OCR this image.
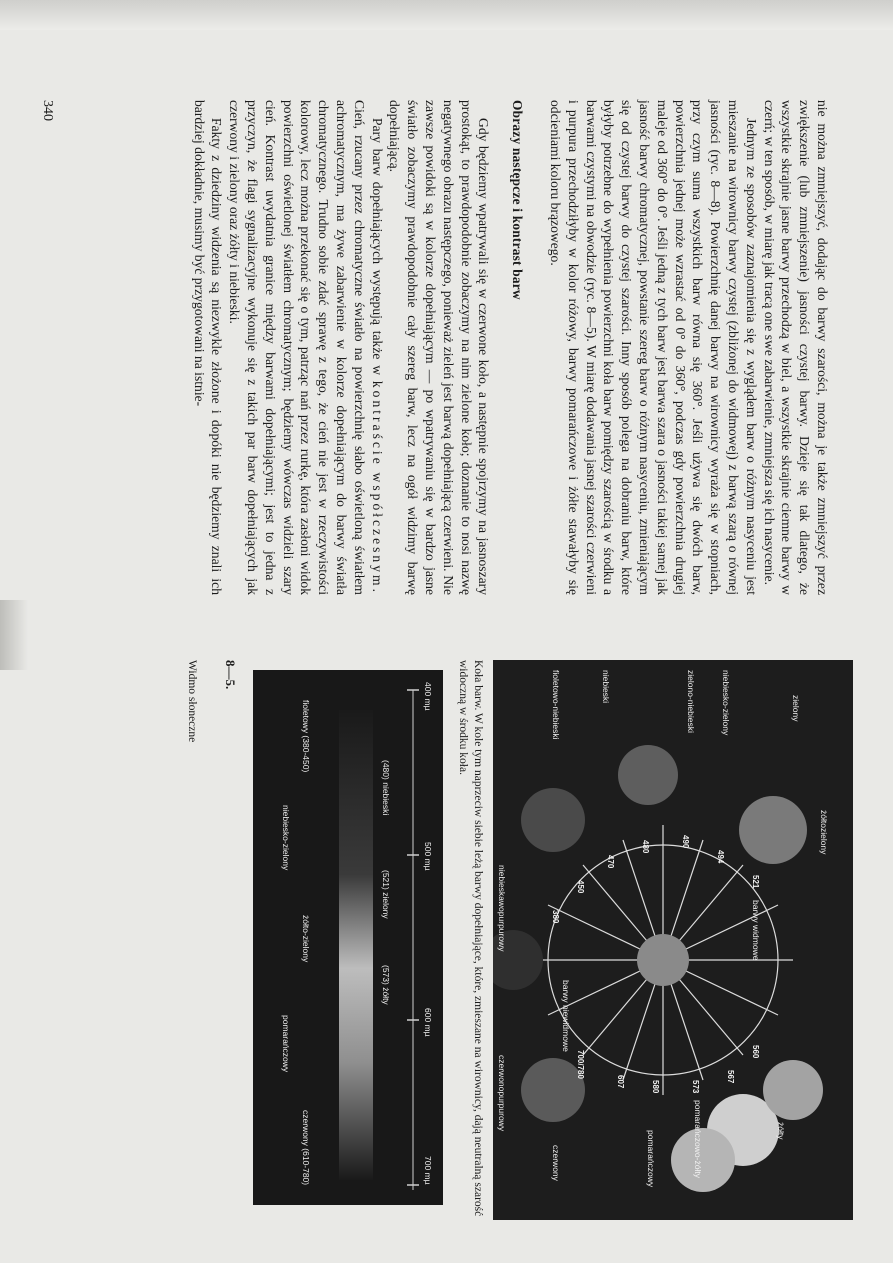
nie można zmniejszyć, dodając do barwy szarości, można je także zmniejszyć przez zwiększenie (lub zmniejszenie) jasności czystej barwy. Dzieje się tak dlatego, że wszystkie skrajnie jasne barwy przechodzą w biel, a wszystkie skrajnie ciemne barwy w czerń; w ten sposób, w miarę jak tracą one swe zabarwienie, zmniejsza się ich nasycenie.

Jednym ze sposobów zaznajomienia się z wyglądem barw o różnym nasyceniu jest mieszanie na wirownicy barwy czystej (zbliżonej do widmowej) z barwą szarą o równej jasności (ryc. 8—8). Powierzchnię danej barwy na wirownicy wyraża się w stopniach, przy czym suma wszystkich barw równa się 360°. Jeśli używa się dwóch barw, powierzchnia jednej może wzrastać od 0° do 360°, podczas gdy powierzchnia drugiej maleje od 360° do 0°. Jeśli jedną z tych barw jest barwa szara o jasności takiej samej jak jasność barwy chromatycznej, powstanie szereg barw o różnym nasyceniu, zmieniającym się od czystej barwy do czystej szarości. Inny sposób polega na dobraniu barw, które byłyby potrzebne do wypełnienia powierzchni koła barw pomiędzy szarością w środku a barwami czystymi na obwodzie (ryc. 8—5). W miarę dodawania jasnej szarości czerwieni i purpura przechodziłyby w kolor różowy, barwy pomarańczowe i żółte stawałyby się odcieniami koloru brązowego.

Obrazy następcze i kontrast barw

Gdy będziemy wpatrywali się w czerwone koło, a następnie spojrzymy na jasnoszary prostokąt, to prawdopodobnie zobaczymy na nim zielone koło; doznanie to nosi nazwę negatywnego obrazu następczego, ponieważ zieleń jest barwą dopełniającą czerwieni. Nie zawsze powidoki są w kolorze dopełniającym — po wpatrywaniu się w bardzo jasne światło zobaczymy prawdopodobnie cały szereg barw, lecz na ogół widzimy barwę dopełniającą.

Pary barw dopełniających występują także w kontraście współczesnym. Cień, rzucany przez chromatyczne światło na powierzchnię słabo oświetloną światłem achromatycznym, ma żywe zabarwienie w kolorze dopełniającym do barwy światła chromatycznego. Trudno sobie zdać sprawę z tego, że cień nie jest w rzeczywistości kolorowy, lecz można przekonać się o tym, patrząc nań przez rurkę, która zasłoni widok powierzchni oświetlonej światłem chromatycznym; będziemy wówczas widzieli szary cień. Kontrast uwydatnia granice między barwami dopełniającymi; jest to jedna z przyczyn, że flagi sygnalizacyjne wykonuje się z takich par barw dopełniających jak czerwony i zielony oraz żółty i niebieski.

Fakty z dziedziny widzenia są niezwykle złożone i dopóki nie będziemy znali ich bardziej dokładnie, musimy być przygotowani na istnie-

340
żółtozielony
zielony
niebiesko-zielony
zielono-niebieski
niebieski
fioletowo-niebieski
niebieskawopurpurowy
czerwonopurpurowy
czerwony	pomarańczowy	pomarańczowo-żółty	żółty
barwy widmowe
barwy niewidmowe	560
567
573
580
607
700/780
521
494
490
480
470
450
380
Koła barw. W kole tym naprzeciw siebie leżą barwy dopełniające, które, zmieszane na wirownicy, dają neutralną szarość widoczną w środku koła.
400 mµ
500 mµ
600 mµ
700 mµ
(480) niebieski
(521) zielony
(573) żółty
fioletowy (380-450)
niebiesko-zielony
żółto-zielony
pomarańczowy
czerwony (610-780)
8—5.
Widmo słoneczne
